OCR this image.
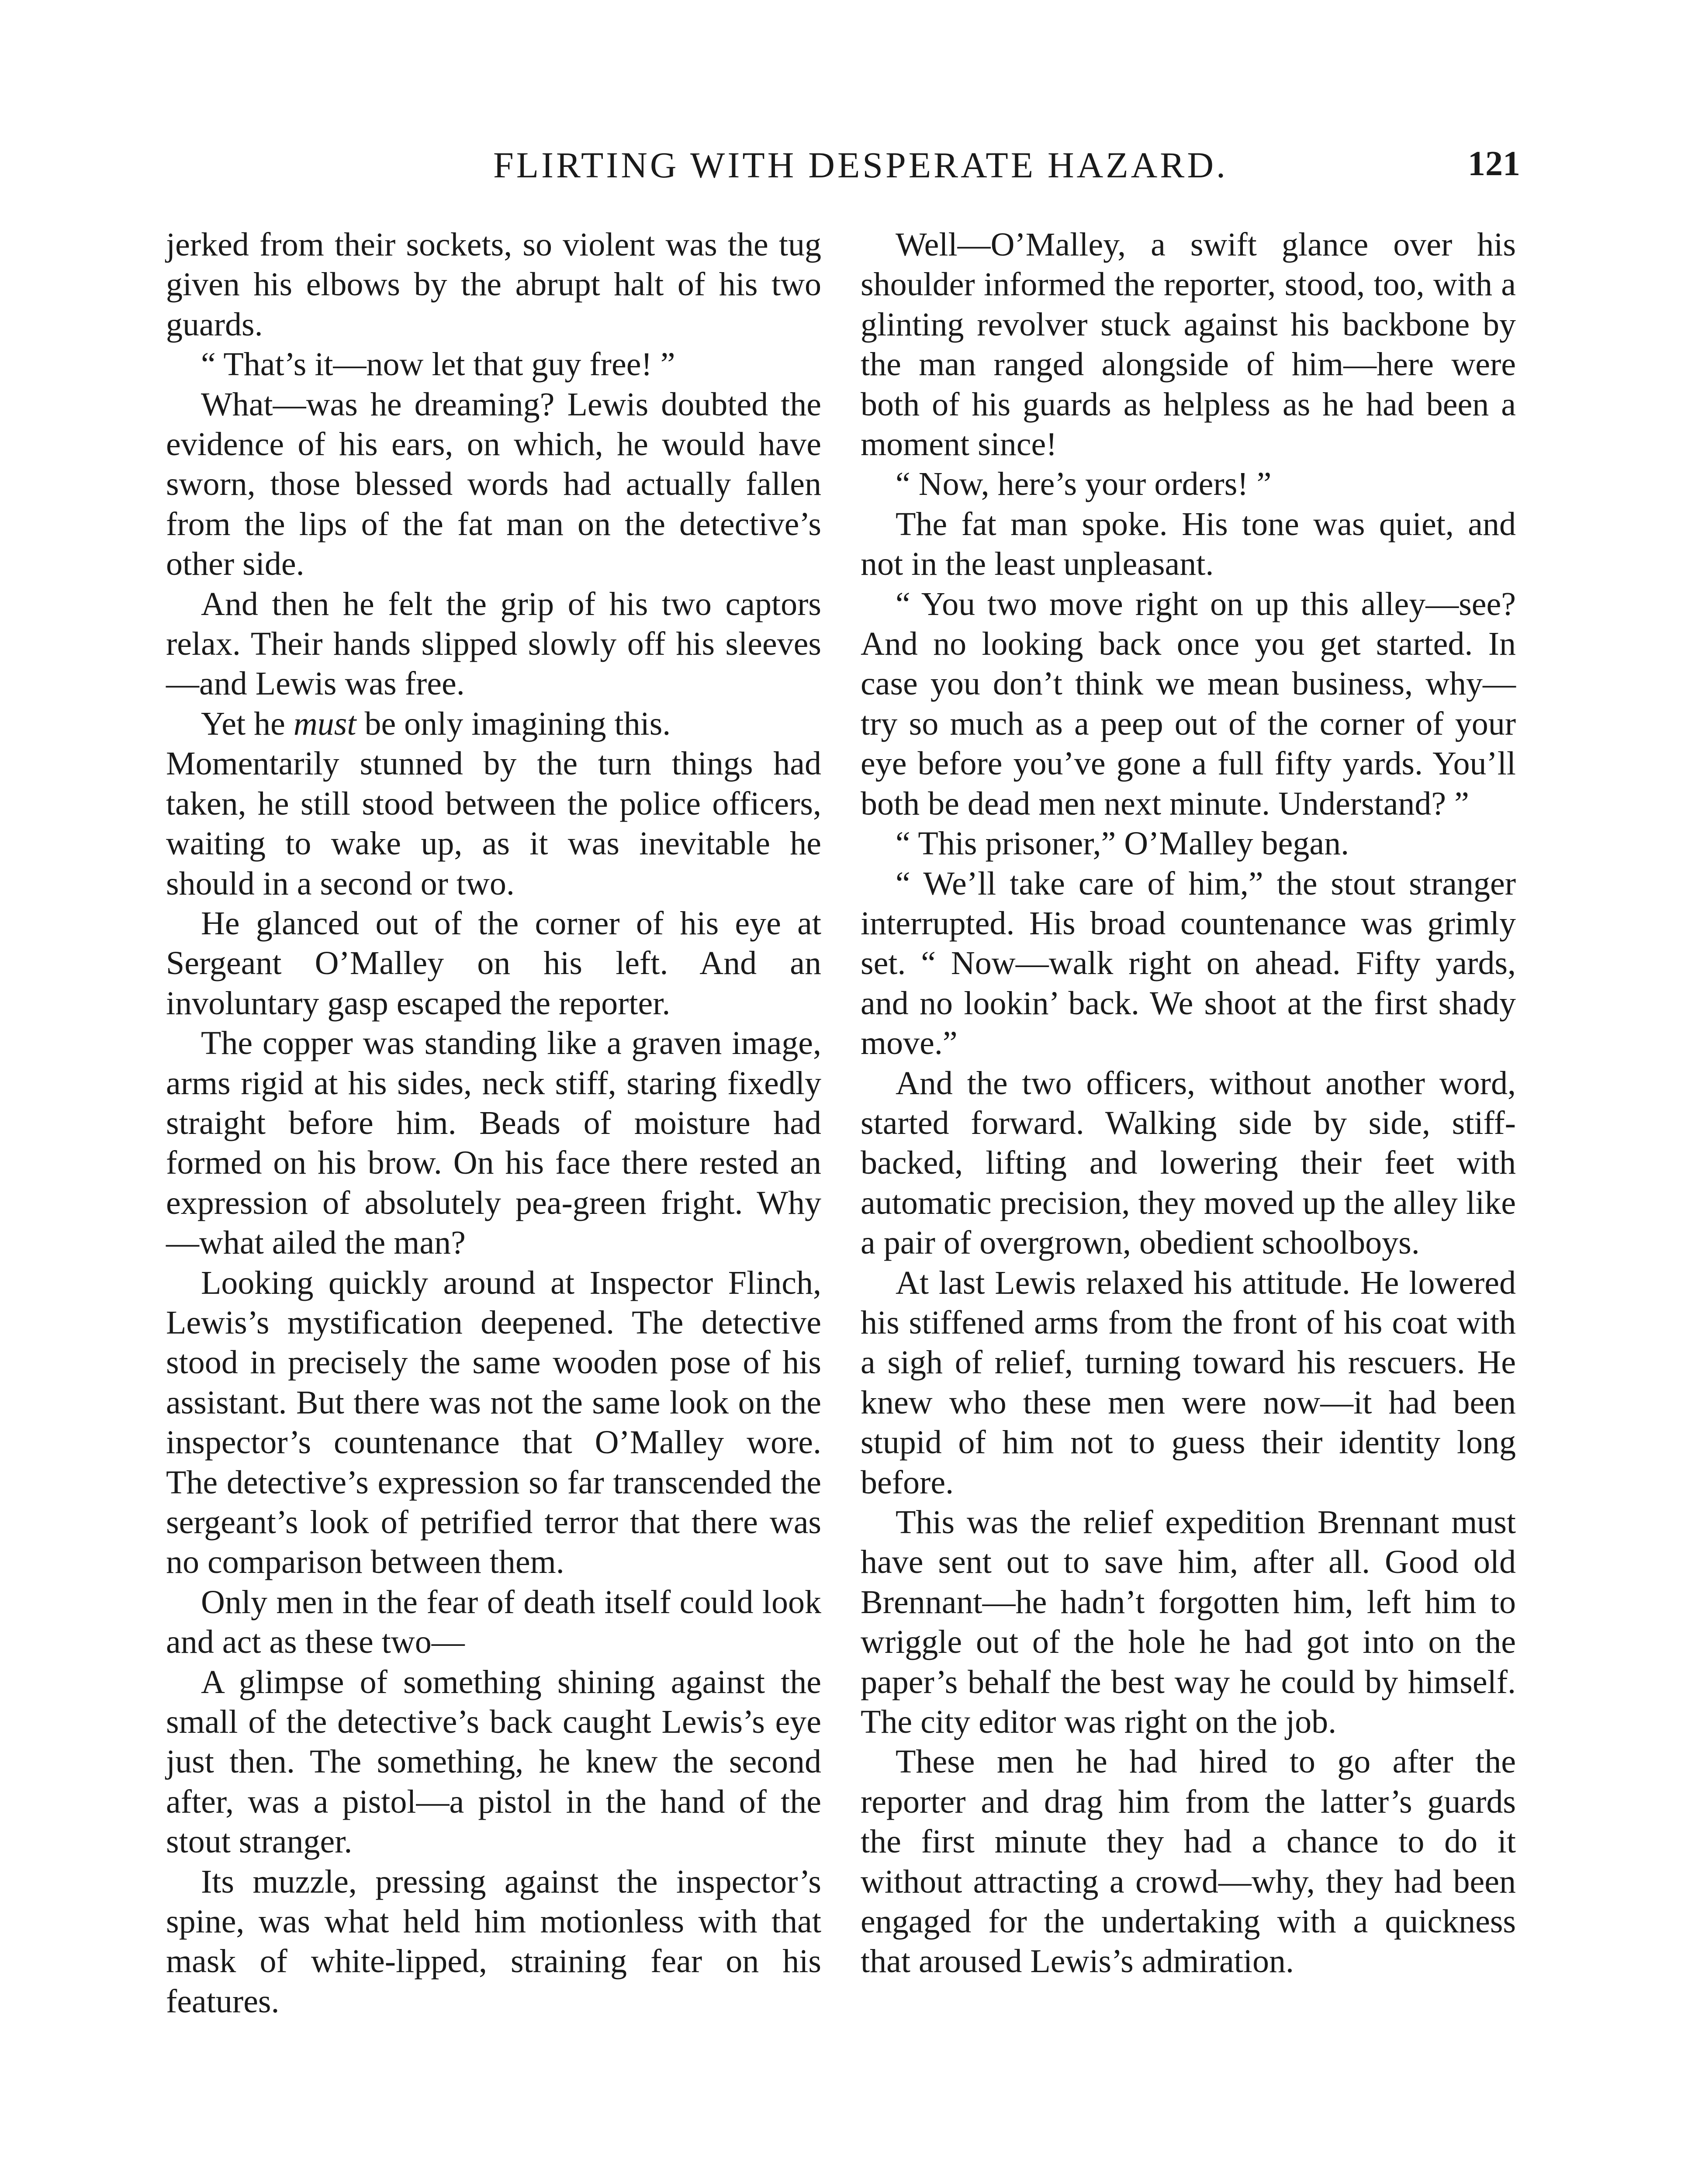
FLIRTING WITH DESPERATE HAZARD.	121

jerked from their sockets, so violent was the tug given his elbows by the abrupt halt of his two guards.

“ That’s it—now let that guy free! ”

What—was he dreaming? Lewis doubted the evidence of his ears, on which, he would have sworn, those blessed words had actually fallen from the lips of the fat man on the detective’s other side.

And then he felt the grip of his two captors relax. Their hands slipped slowly off his sleeves—and Lewis was free.

Yet he must be only imagining this.

Momentarily stunned by the turn things had taken, he still stood between the police officers, waiting to wake up, as it was inevitable he should in a second or two.

He glanced out of the corner of his eye at Sergeant O’Malley on his left. And an involuntary gasp escaped the reporter.

The copper was standing like a graven image, arms rigid at his sides, neck stiff, staring fixedly straight before him. Beads of moisture had formed on his brow. On his face there rested an expression of absolutely pea-green fright. Why—what ailed the man?

Looking quickly around at Inspector Flinch, Lewis’s mystification deepened. The detective stood in precisely the same wooden pose of his assistant. But there was not the same look on the inspector’s countenance that O’Malley wore. The detective’s expression so far transcended the sergeant’s look of petrified terror that there was no comparison between them.

Only men in the fear of death itself could look and act as these two—

A glimpse of something shining against the small of the detective’s back caught Lewis’s eye just then. The something, he knew the second after, was a pistol—a pistol in the hand of the stout stranger.

Its muzzle, pressing against the inspector’s spine, was what held him motionless with that mask of white-lipped, straining fear on his features.

Well—O’Malley, a swift glance over his shoulder informed the reporter, stood, too, with a glinting revolver stuck against his backbone by the man ranged alongside of him—here were both of his guards as helpless as he had been a moment since!

“ Now, here’s your orders! ”

The fat man spoke. His tone was quiet, and not in the least unpleasant.

“ You two move right on up this alley—see? And no looking back once you get started. In case you don’t think we mean business, why—try so much as a peep out of the corner of your eye before you’ve gone a full fifty yards. You’ll both be dead men next minute. Understand? ”

“ This prisoner,” O’Malley began.

“ We’ll take care of him,” the stout stranger interrupted. His broad countenance was grimly set. “ Now—walk right on ahead. Fifty yards, and no lookin’ back. We shoot at the first shady move.”

And the two officers, without another word, started forward. Walking side by side, stiff-backed, lifting and lowering their feet with automatic precision, they moved up the alley like a pair of overgrown, obedient schoolboys.

At last Lewis relaxed his attitude. He lowered his stiffened arms from the front of his coat with a sigh of relief, turning toward his rescuers. He knew who these men were now—it had been stupid of him not to guess their identity long before.

This was the relief expedition Brennant must have sent out to save him, after all. Good old Brennant—he hadn’t forgotten him, left him to wriggle out of the hole he had got into on the paper’s behalf the best way he could by himself. The city editor was right on the job.

These men he had hired to go after the reporter and drag him from the latter’s guards the first minute they had a chance to do it without attracting a crowd—why, they had been engaged for the undertaking with a quickness that aroused Lewis’s admiration.
